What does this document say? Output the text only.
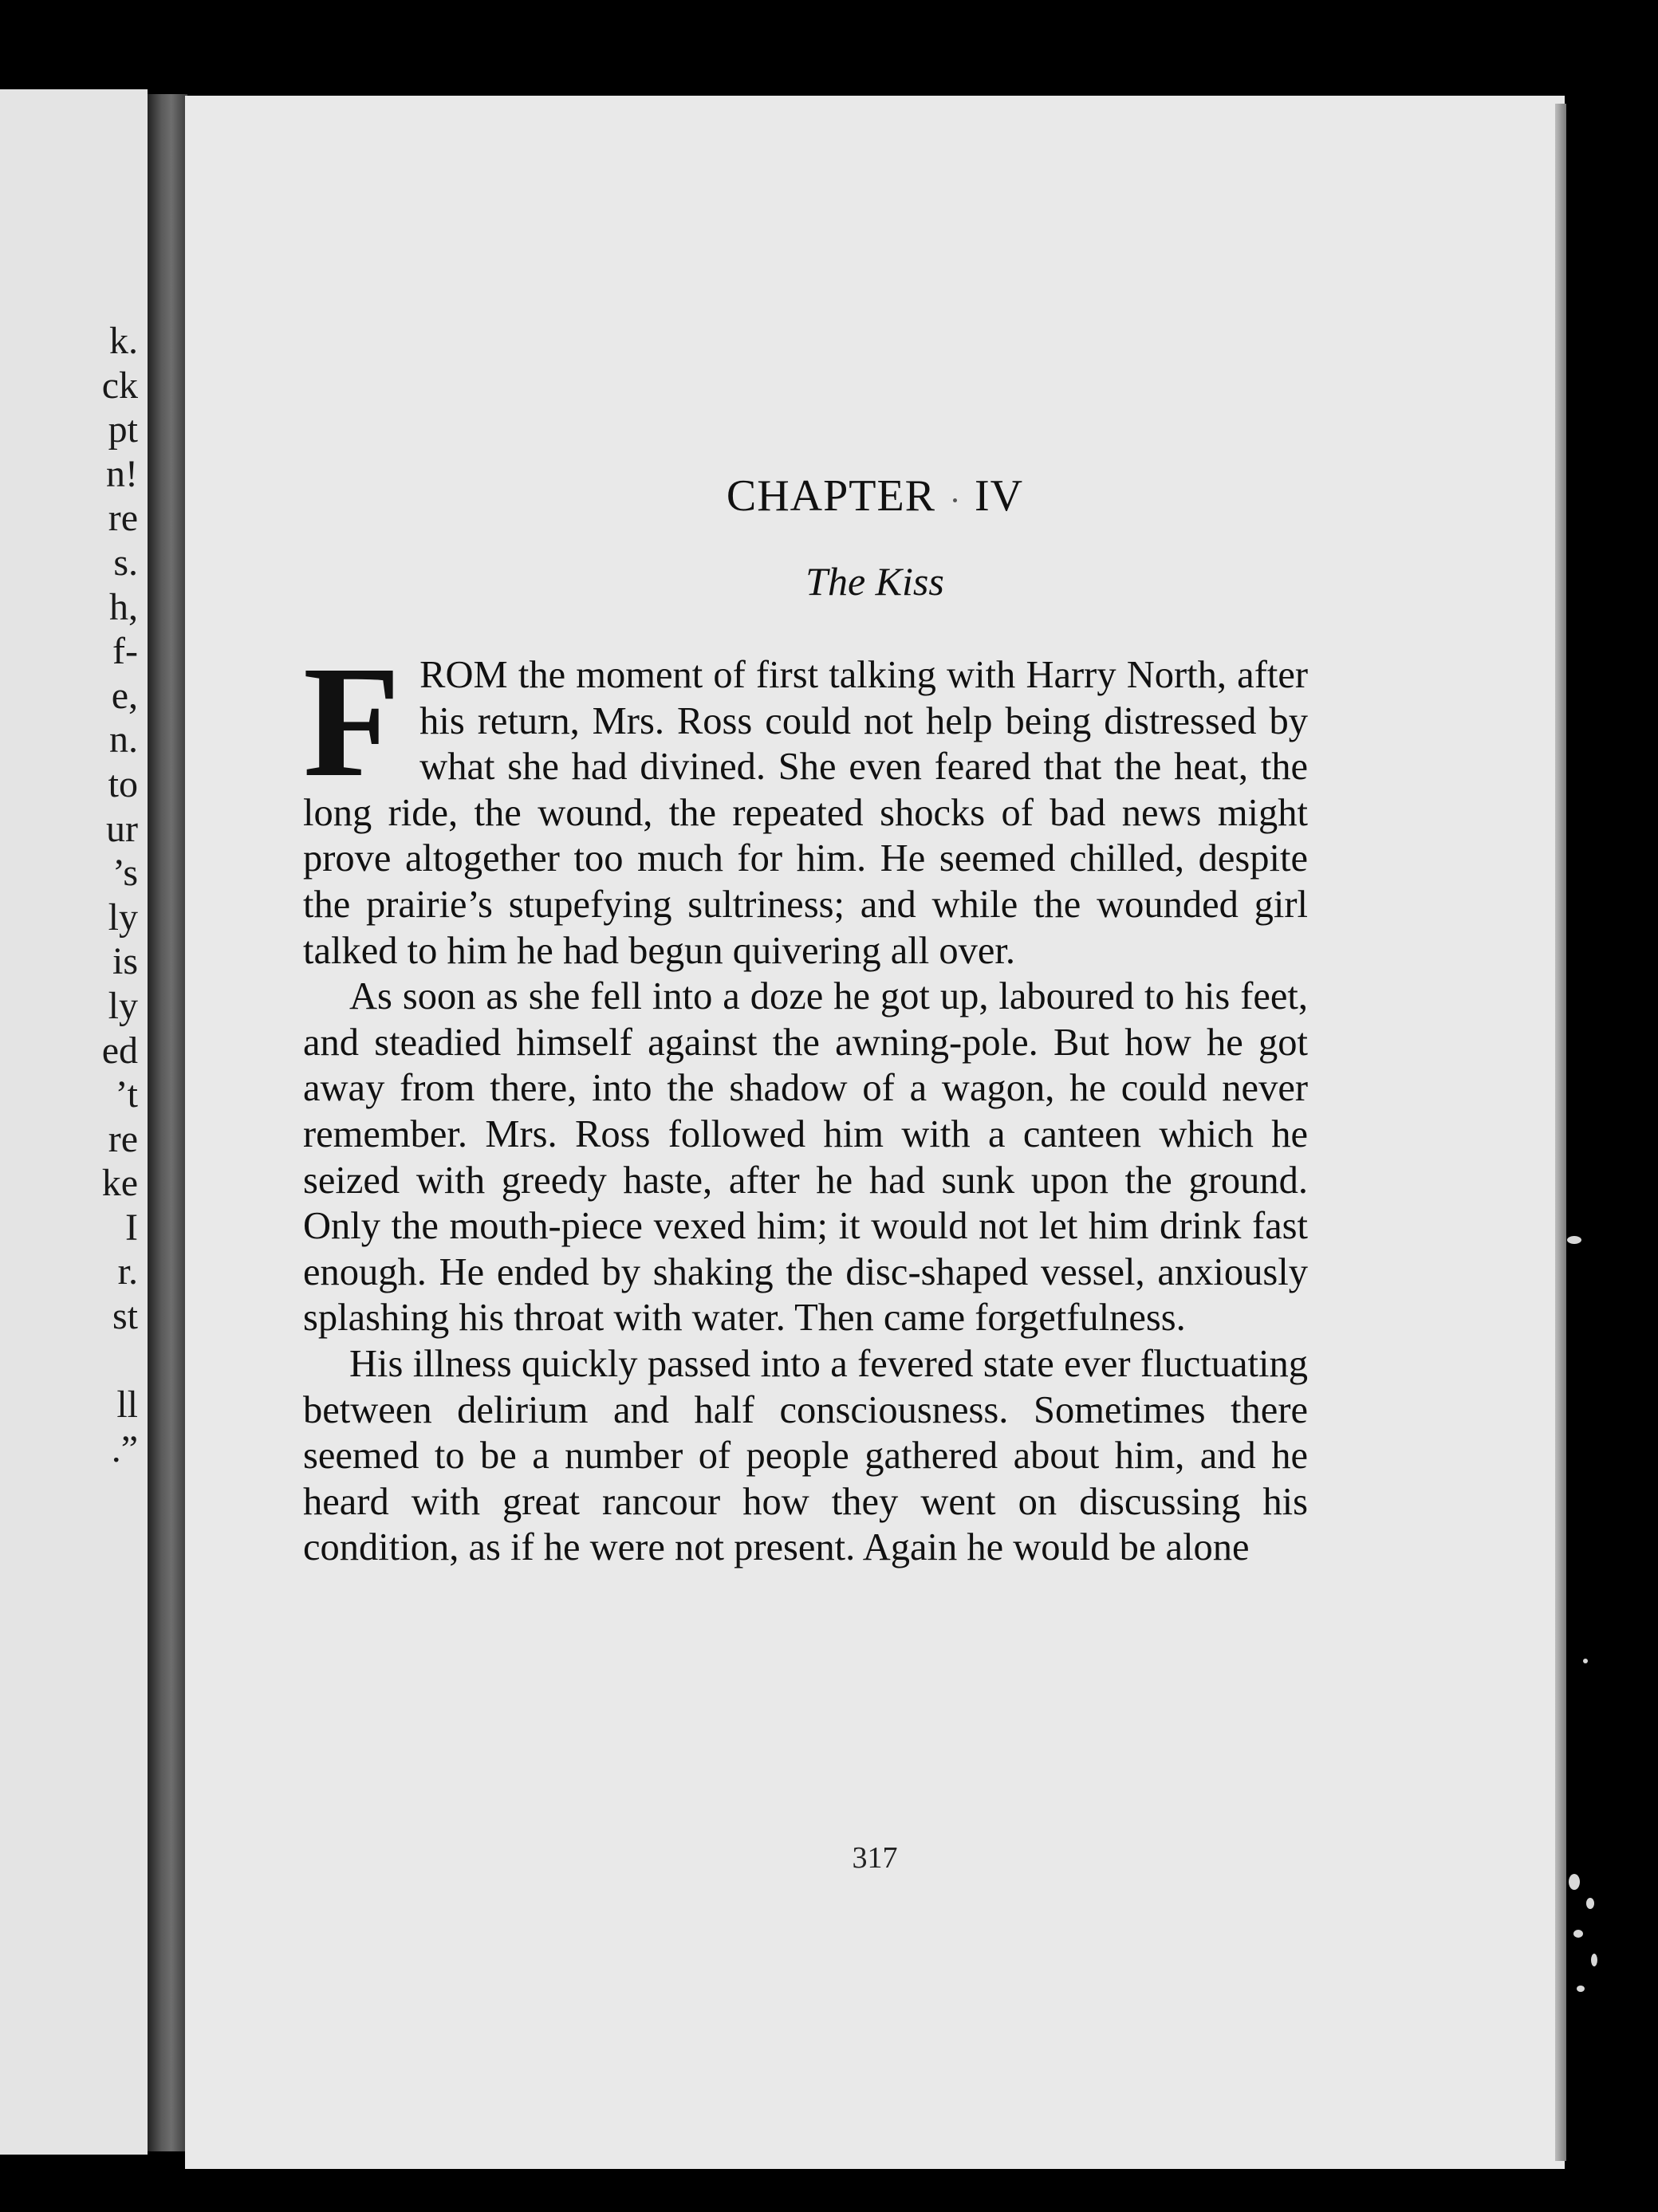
k.
ck
pt
n!
re
s.
h,
f-
e,
n.
to
ur
’s
ly
is
ly
ed
’t
re
ke
I
r.
st

ll
.”
CHAPTER IV
The Kiss

FROM the moment of first talking with Harry North, after his return, Mrs. Ross could not help being distressed by what she had divined. She even feared that the heat, the long ride, the wound, the repeated shocks of bad news might prove altogether too much for him. He seemed chilled, despite the prairie’s stupefying sultriness; and while the wounded girl talked to him he had begun quivering all over.

As soon as she fell into a doze he got up, laboured to his feet, and steadied himself against the awning-pole. But how he got away from there, into the shadow of a wagon, he could never remember. Mrs. Ross followed him with a canteen which he seized with greedy haste, after he had sunk upon the ground. Only the mouth-piece vexed him; it would not let him drink fast enough. He ended by shaking the disc-shaped vessel, anxiously splashing his throat with water. Then came forgetfulness.

His illness quickly passed into a fevered state ever fluctuating between delirium and half consciousness. Sometimes there seemed to be a number of people gathered about him, and he heard with great rancour how they went on discussing his condition, as if he were not present. Again he would be alone

317
